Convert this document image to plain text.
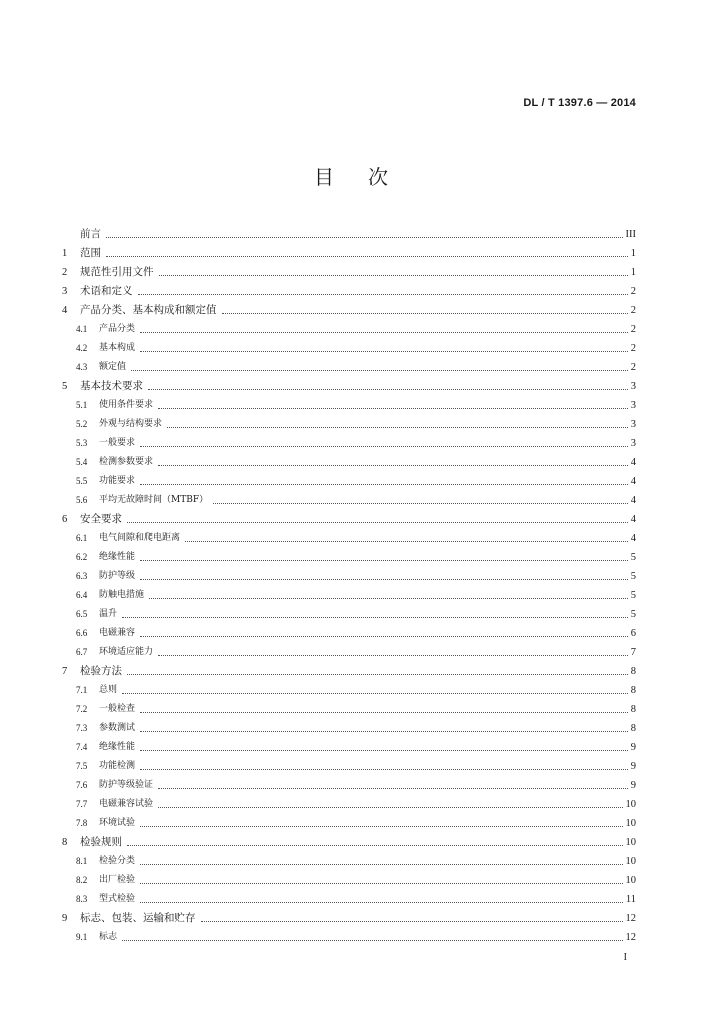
DL / T 1397.6 — 2014
目次
前言	III
1	范围	1
2	规范性引用文件	1
3	术语和定义	2
4	产品分类、基本构成和额定值	2
4.1	产品分类	2
4.2	基本构成	2
4.3	额定值	2
5	基本技术要求	3
5.1	使用条件要求	3
5.2	外观与结构要求	3
5.3	一般要求	3
5.4	检测参数要求	4
5.5	功能要求	4
5.6	平均无故障时间（MTBF）	4
6	安全要求	4
6.1	电气间隙和爬电距离	4
6.2	绝缘性能	5
6.3	防护等级	5
6.4	防触电措施	5
6.5	温升	5
6.6	电磁兼容	6
6.7	环境适应能力	7
7	检验方法	8
7.1	总则	8
7.2	一般检查	8
7.3	参数测试	8
7.4	绝缘性能	9
7.5	功能检测	9
7.6	防护等级验证	9
7.7	电磁兼容试验	10
7.8	环境试验	10
8	检验规则	10
8.1	检验分类	10
8.2	出厂检验	10
8.3	型式检验	11
9	标志、包装、运输和贮存	12
9.1	标志	12
I
